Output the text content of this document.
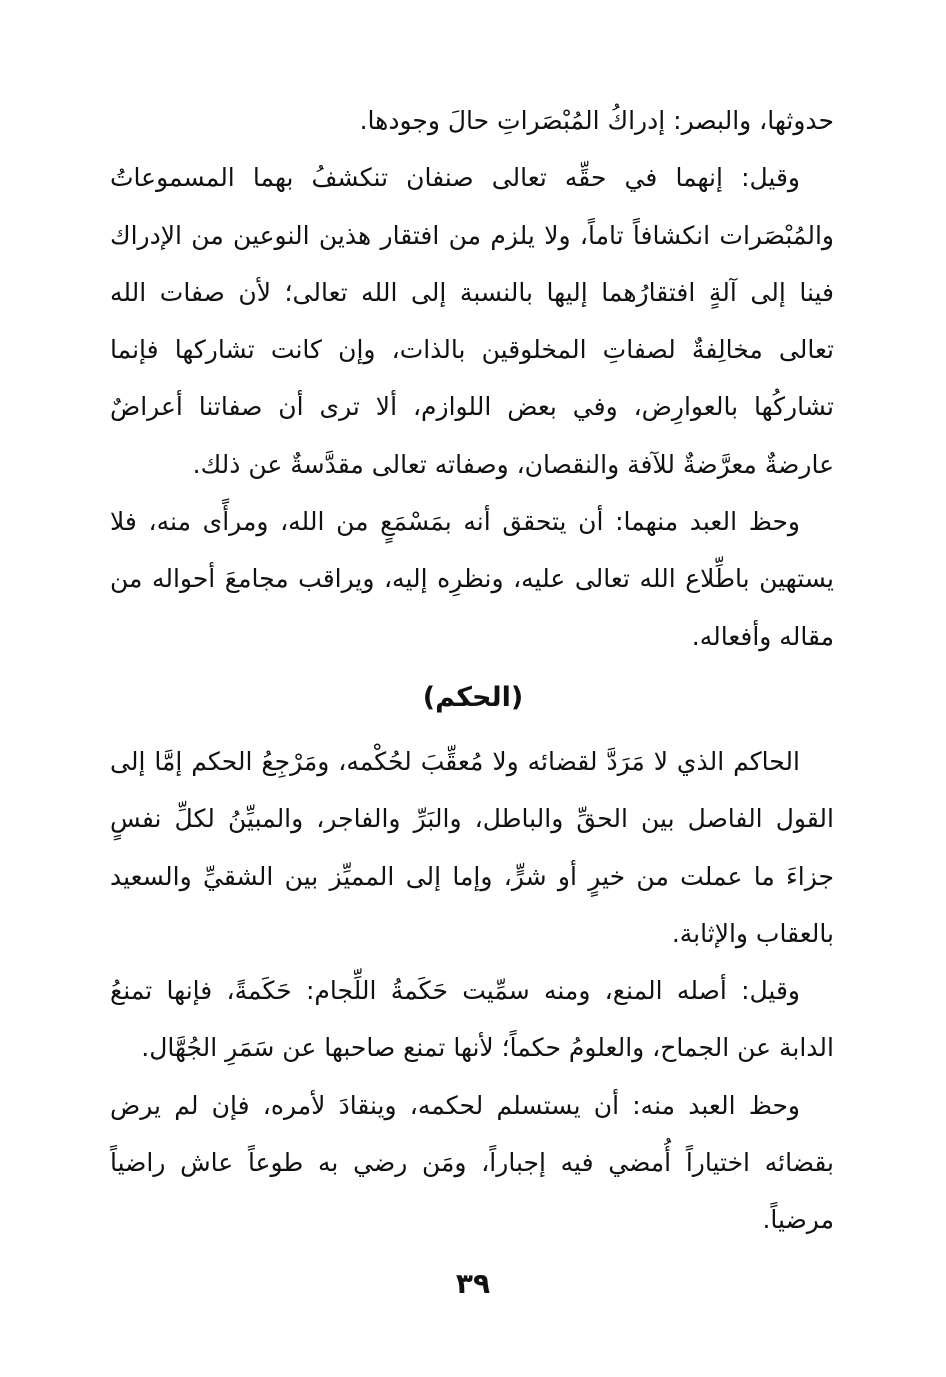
حدوثها، والبصر: إدراكُ المُبْصَراتِ حالَ وجودها.

وقيل: إنهما في حقِّه تعالى صنفان تنكشفُ بهما المسموعاتُ والمُبْصَرات انكشافاً تاماً، ولا يلزم من افتقار هذين النوعين من الإدراك فينا إلى آلةٍ افتقارُهما إليها بالنسبة إلى الله تعالى؛ لأن صفات الله تعالى مخالِفةٌ لصفاتِ المخلوقين بالذات، وإن كانت تشاركها فإنما تشاركُها بالعوارِض، وفي بعض اللوازم، ألا ترى أن صفاتنا أعراضٌ عارضةٌ معرَّضةٌ للآفة والنقصان، وصفاته تعالى مقدَّسةٌ عن ذلك.

وحظ العبد منهما: أن يتحقق أنه بمَسْمَعٍ من الله، ومرأًى منه، فلا يستهين باطِّلاع الله تعالى عليه، ونظرِه إليه، ويراقب مجامعَ أحواله من مقاله وأفعاله.

(الحكم)

الحاكم الذي لا مَرَدَّ لقضائه ولا مُعقِّبَ لحُكْمه، ومَرْجِعُ الحكم إمَّا إلى القول الفاصل بين الحقِّ والباطل، والبَرِّ والفاجر، والمبيِّنُ لكلِّ نفسٍ جزاءَ ما عملت من خيرٍ أو شرٍّ، وإما إلى المميِّز بين الشقيِّ والسعيد بالعقاب والإثابة.

وقيل: أصله المنع، ومنه سمِّيت حَكَمةُ اللِّجام: حَكَمةً، فإنها تمنعُ الدابة عن الجماح، والعلومُ حكماً؛ لأنها تمنع صاحبها عن سَمَرِ الجُهَّال.

وحظ العبد منه: أن يستسلم لحكمه، وينقادَ لأمره، فإن لم يرض بقضائه اختياراً أُمضي فيه إجباراً، ومَن رضي به طوعاً عاش راضياً مرضياً.

٣٩
